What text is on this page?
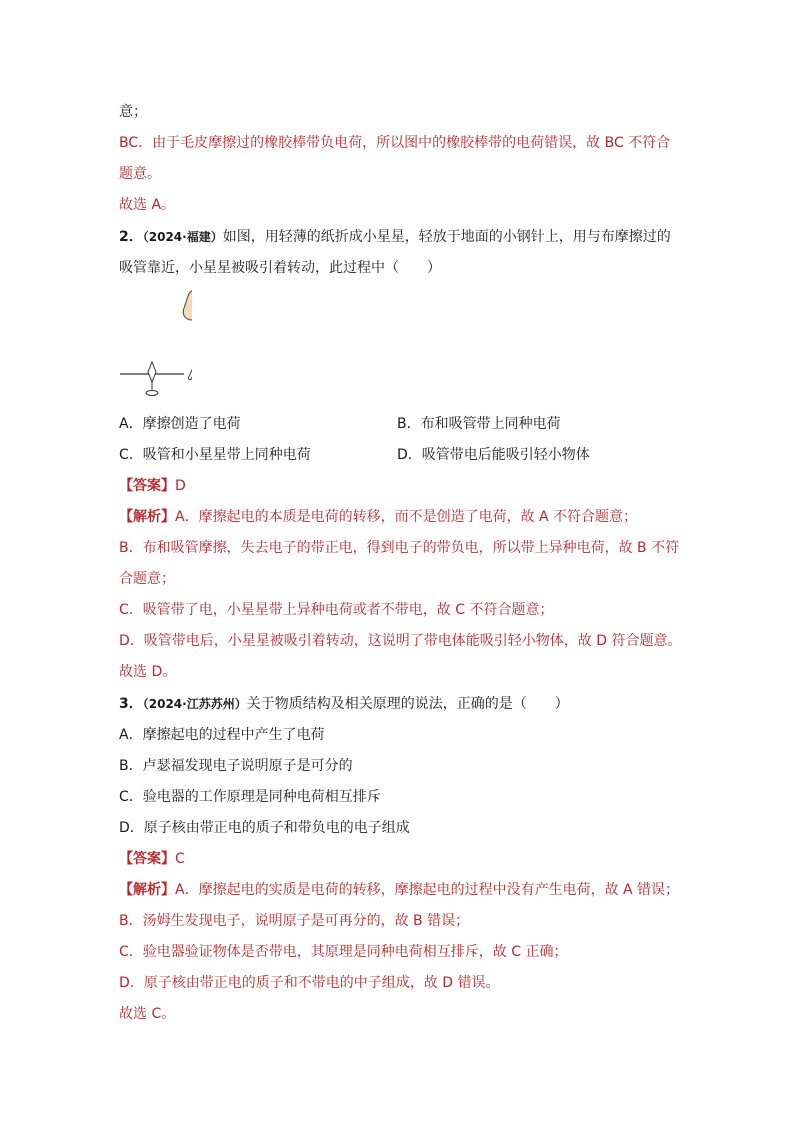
意；
BC．由于毛皮摩擦过的橡胶棒带负电荷，所以图中的橡胶棒带的电荷错误，故 BC 不符合
题意。
故选 A。
2．（2024·福建）如图，用轻薄的纸折成小星星，轻放于地面的小钢针上，用与布摩擦过的
吸管靠近，小星星被吸引着转动，此过程中（　　）
A．摩擦创造了电荷	B．布和吸管带上同种电荷
C．吸管和小星星带上同种电荷	D．吸管带电后能吸引轻小物体
【答案】D
【解析】A．摩擦起电的本质是电荷的转移，而不是创造了电荷，故 A 不符合题意；
B．布和吸管摩擦，失去电子的带正电，得到电子的带负电，所以带上异种电荷，故 B 不符
合题意；
C．吸管带了电，小星星带上异种电荷或者不带电，故 C 不符合题意；
D．吸管带电后，小星星被吸引着转动，这说明了带电体能吸引轻小物体，故 D 符合题意。
故选 D。
3．（2024·江苏苏州）关于物质结构及相关原理的说法，正确的是（　　）
A．摩擦起电的过程中产生了电荷
B．卢瑟福发现电子说明原子是可分的
C．验电器的工作原理是同种电荷相互排斥
D．原子核由带正电的质子和带负电的电子组成
【答案】C
【解析】A．摩擦起电的实质是电荷的转移，摩擦起电的过程中没有产生电荷，故 A 错误；
B．汤姆生发现电子，说明原子是可再分的，故 B 错误；
C．验电器验证物体是否带电，其原理是同种电荷相互排斥，故 C 正确；
D．原子核由带正电的质子和不带电的中子组成，故 D 错误。
故选 C。
